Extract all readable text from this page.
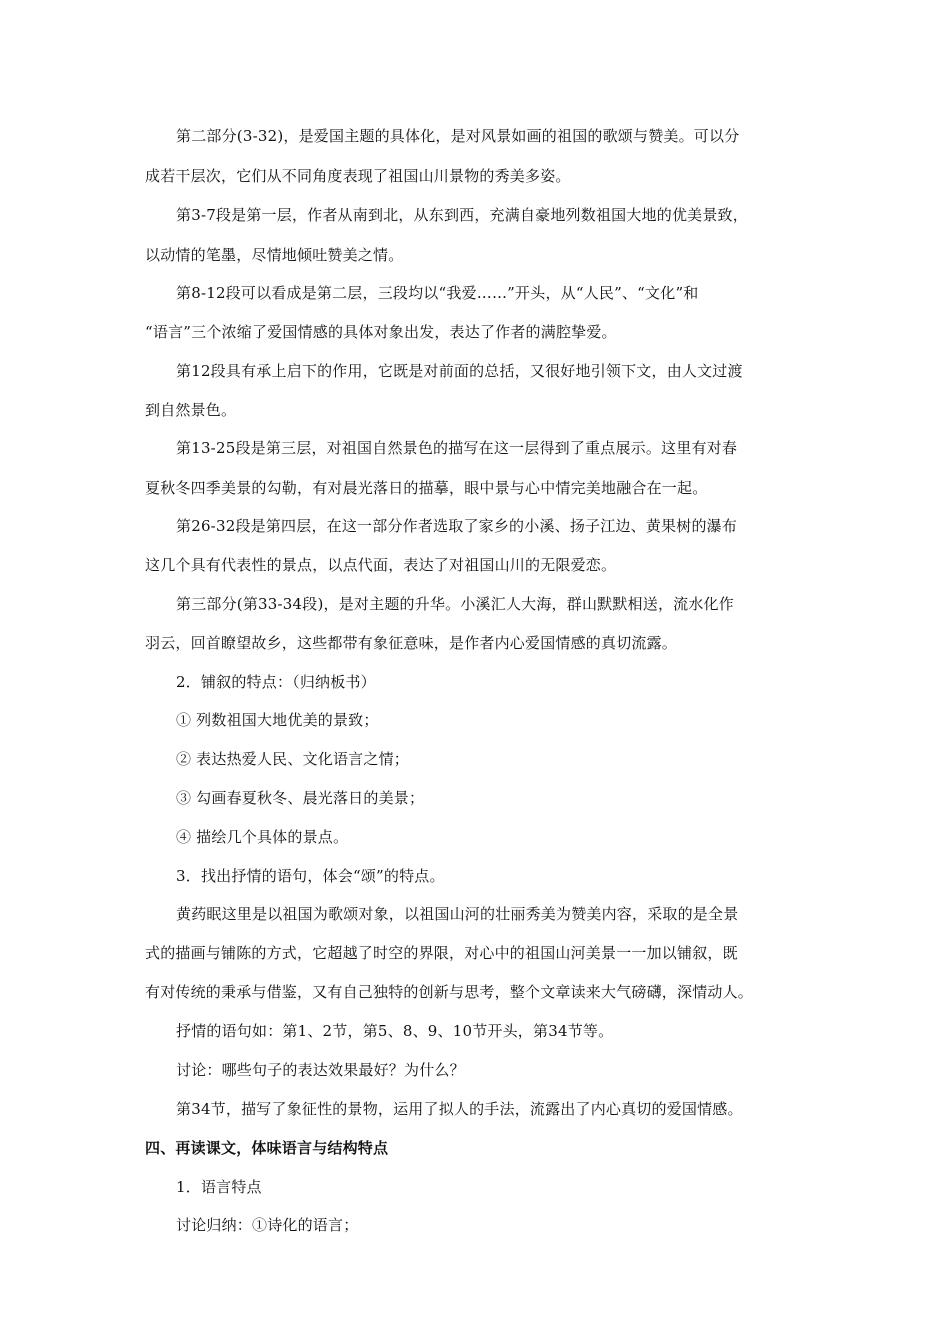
第二部分(3-32)，是爱国主题的具体化，是对风景如画的祖国的歌颂与赞美。可以分
成若干层次，它们从不同角度表现了祖国山川景物的秀美多姿。
第3-7段是第一层，作者从南到北，从东到西，充满自豪地列数祖国大地的优美景致，
以动情的笔墨，尽情地倾吐赞美之情。
第8-12段可以看成是第二层，三段均以“我爱……”开头，从“人民”、“文化”和
“语言”三个浓缩了爱国情感的具体对象出发，表达了作者的满腔挚爱。
第12段具有承上启下的作用，它既是对前面的总括，又很好地引领下文，由人文过渡
到自然景色。
第13-25段是第三层，对祖国自然景色的描写在这一层得到了重点展示。这里有对春
夏秋冬四季美景的勾勒，有对晨光落日的描摹，眼中景与心中情完美地融合在一起。
第26-32段是第四层，在这一部分作者选取了家乡的小溪、扬子江边、黄果树的瀑布
这几个具有代表性的景点，以点代面，表达了对祖国山川的无限爱恋。
第三部分(第33-34段)，是对主题的升华。小溪汇人大海，群山默默相送，流水化作
羽云，回首瞭望故乡，这些都带有象征意味，是作者内心爱国情感的真切流露。
2．铺叙的特点：（归纳板书）
① 列数祖国大地优美的景致；
② 表达热爱人民、文化语言之情；
③ 勾画春夏秋冬、晨光落日的美景；
④ 描绘几个具体的景点。
3．找出抒情的语句，体会“颂”的特点。
黄药眠这里是以祖国为歌颂对象，以祖国山河的壮丽秀美为赞美内容，采取的是全景
式的描画与铺陈的方式，它超越了时空的界限，对心中的祖国山河美景一一加以铺叙，既
有对传统的秉承与借鉴，又有自己独特的创新与思考，整个文章读来大气磅礴，深情动人。
抒情的语句如：第1、2节，第5、8、9、10节开头，第34节等。
讨论：哪些句子的表达效果最好？为什么？
第34节，描写了象征性的景物，运用了拟人的手法，流露出了内心真切的爱国情感。
四、再读课文，体味语言与结构特点
1．语言特点
讨论归纳：①诗化的语言；
